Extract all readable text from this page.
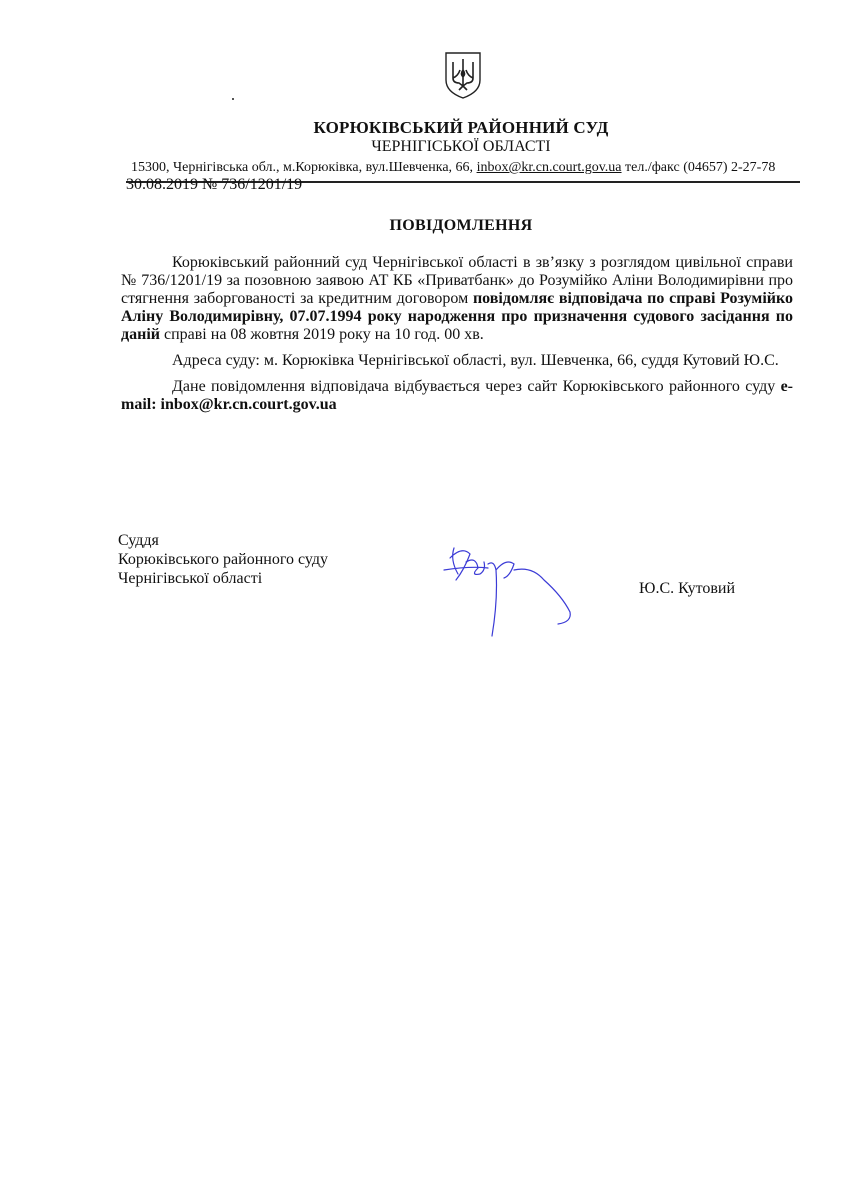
КОРЮКІВСЬКИЙ РАЙОННИЙ СУД
ЧЕРНІГІСЬКОЇ ОБЛАСТІ
15300, Чернігівська обл., м.Корюківка, вул.Шевченка, 66, inbox@kr.cn.court.gov.ua тел./факс (04657) 2-27-78
30.08.2019 № 736/1201/19
ПОВІДОМЛЕННЯ

Корюківський районний суд Чернігівської області в зв’язку з розглядом цивільної справи № 736/1201/19 за позовною заявою АТ КБ «Приватбанк» до Розумійко Аліни Володимирівни про стягнення заборгованості за кредитним договором повідомляє відповідача по справі Розумійко Аліну Володимирівну, 07.07.1994 року народження про призначення судового засідання по даній справі на 08 жовтня 2019 року на 10 год. 00 хв.

Адреса суду: м. Корюківка Чернігівської області, вул. Шевченка, 66, суддя Кутовий Ю.С.

Дане повідомлення відповідача відбувається через сайт Корюківського районного суду e-mail: inbox@kr.cn.court.gov.ua

Суддя
Корюківського районного суду
Чернігівської області
Ю.С. Кутовий
